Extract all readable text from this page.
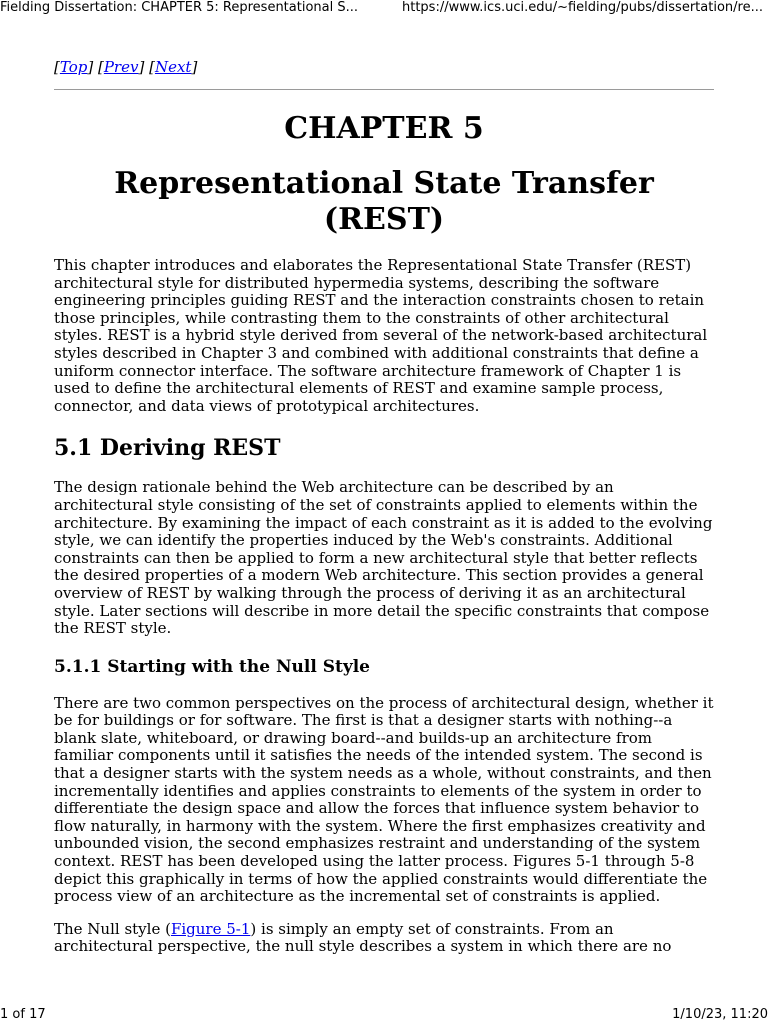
Fielding Dissertation: CHAPTER 5: Representational S...	https://www.ics.uci.edu/~fielding/pubs/dissertation/re...

[Top] [Prev] [Next]

CHAPTER 5
Representational State Transfer (REST)

This chapter introduces and elaborates the Representational State Transfer (REST) architectural style for distributed hypermedia systems, describing the software engineering principles guiding REST and the interaction constraints chosen to retain those principles, while contrasting them to the constraints of other architectural styles. REST is a hybrid style derived from several of the network-based architectural styles described in Chapter 3 and combined with additional constraints that define a uniform connector interface. The software architecture framework of Chapter 1 is used to define the architectural elements of REST and examine sample process, connector, and data views of prototypical architectures.

5.1 Deriving REST

The design rationale behind the Web architecture can be described by an architectural style consisting of the set of constraints applied to elements within the architecture. By examining the impact of each constraint as it is added to the evolving style, we can identify the properties induced by the Web's constraints. Additional constraints can then be applied to form a new architectural style that better reflects the desired properties of a modern Web architecture. This section provides a general overview of REST by walking through the process of deriving it as an architectural style. Later sections will describe in more detail the specific constraints that compose the REST style.

5.1.1 Starting with the Null Style

There are two common perspectives on the process of architectural design, whether it be for buildings or for software. The first is that a designer starts with nothing--a blank slate, whiteboard, or drawing board--and builds-up an architecture from familiar components until it satisfies the needs of the intended system. The second is that a designer starts with the system needs as a whole, without constraints, and then incrementally identifies and applies constraints to elements of the system in order to differentiate the design space and allow the forces that influence system behavior to flow naturally, in harmony with the system. Where the first emphasizes creativity and unbounded vision, the second emphasizes restraint and understanding of the system context. REST has been developed using the latter process. Figures 5-1 through 5-8 depict this graphically in terms of how the applied constraints would differentiate the process view of an architecture as the incremental set of constraints is applied.

The Null style (Figure 5-1) is simply an empty set of constraints. From an architectural perspective, the null style describes a system in which there are no

1 of 17	1/10/23, 11:20
